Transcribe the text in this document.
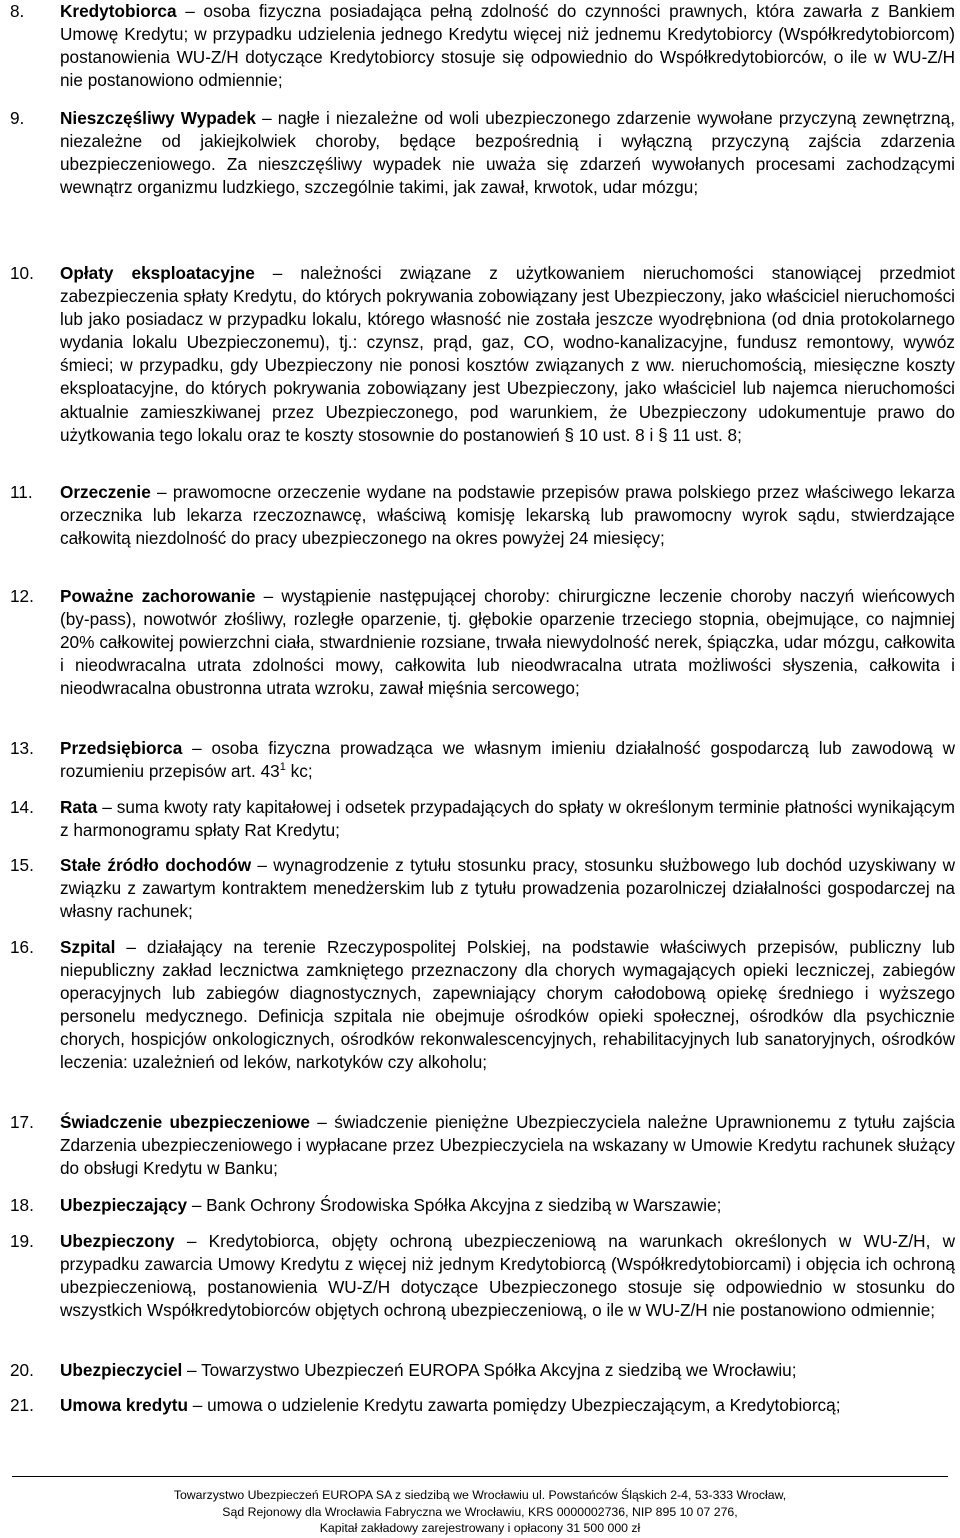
8. Kredytobiorca – osoba fizyczna posiadająca pełną zdolność do czynności prawnych, która zawarła z Bankiem Umowę Kredytu; w przypadku udzielenia jednego Kredytu więcej niż jednemu Kredytobiorcy (Współkredytobiorcom) postanowienia WU-Z/H dotyczące Kredytobiorcy stosuje się odpowiednio do Współkredytobiorców, o ile w WU-Z/H nie postanowiono odmiennie;
9. Nieszczęśliwy Wypadek – nagłe i niezależne od woli ubezpieczonego zdarzenie wywołane przyczyną zewnętrzną, niezależne od jakiejkolwiek choroby, będące bezpośrednią i wyłączną przyczyną zajścia zdarzenia ubezpieczeniowego. Za nieszczęśliwy wypadek nie uważa się zdarzeń wywołanych procesami zachodzącymi wewnątrz organizmu ludzkiego, szczególnie takimi, jak zawał, krwotok, udar mózgu;
10. Opłaty eksploatacyjne – należności związane z użytkowaniem nieruchomości stanowiącej przedmiot zabezpieczenia spłaty Kredytu, do których pokrywania zobowiązany jest Ubezpieczony, jako właściciel nieruchomości lub jako posiadacz w przypadku lokalu, którego własność nie została jeszcze wyodrębniona (od dnia protokolarnego wydania lokalu Ubezpieczonemu), tj.: czynsz, prąd, gaz, CO, wodno-kanalizacyjne, fundusz remontowy, wywóz śmieci; w przypadku, gdy Ubezpieczony nie ponosi kosztów związanych z ww. nieruchomością, miesięczne koszty eksploatacyjne, do których pokrywania zobowiązany jest Ubezpieczony, jako właściciel lub najemca nieruchomości aktualnie zamieszkiwanej przez Ubezpieczonego, pod warunkiem, że Ubezpieczony udokumentuje prawo do użytkowania tego lokalu oraz te koszty stosownie do postanowień § 10 ust. 8 i § 11 ust. 8;
11. Orzeczenie – prawomocne orzeczenie wydane na podstawie przepisów prawa polskiego przez właściwego lekarza orzecznika lub lekarza rzeczoznawcę, właściwą komisję lekarską lub prawomocny wyrok sądu, stwierdzające całkowitą niezdolność do pracy ubezpieczonego na okres powyżej 24 miesięcy;
12. Poważne zachorowanie – wystąpienie następującej choroby: chirurgiczne leczenie choroby naczyń wieńcowych (by-pass), nowotwór złośliwy, rozległe oparzenie, tj. głębokie oparzenie trzeciego stopnia, obejmujące, co najmniej 20% całkowitej powierzchni ciała, stwardnienie rozsiane, trwała niewydolność nerek, śpiączka, udar mózgu, całkowita i nieodwracalna utrata zdolności mowy, całkowita lub nieodwracalna utrata możliwości słyszenia, całkowita i nieodwracalna obustronna utrata wzroku, zawał mięśnia sercowego;
13. Przedsiębiorca – osoba fizyczna prowadząca we własnym imieniu działalność gospodarczą lub zawodową w rozumieniu przepisów art. $43^1$ kc;
14. Rata – suma kwoty raty kapitałowej i odsetek przypadających do spłaty w określonym terminie płatności wynikającym z harmonogramu spłaty Rat Kredytu;
15. Stałe źródło dochodów – wynagrodzenie z tytułu stosunku pracy, stosunku służbowego lub dochód uzyskiwany w związku z zawartym kontraktem menedżerskim lub z tytułu prowadzenia pozarolniczej działalności gospodarczej na własny rachunek;
16. Szpital – działający na terenie Rzeczypospolitej Polskiej, na podstawie właściwych przepisów, publiczny lub niepubliczny zakład lecznictwa zamkniętego przeznaczony dla chorych wymagających opieki leczniczej, zabiegów operacyjnych lub zabiegów diagnostycznych, zapewniający chorym całodobową opiekę średniego i wyższego personelu medycznego. Definicja szpitala nie obejmuje ośrodków opieki społecznej, ośrodków dla psychicznie chorych, hospicjów onkologicznych, ośrodków rekonwalescencyjnych, rehabilitacyjnych lub sanatoryjnych, ośrodków leczenia: uzależnień od leków, narkotyków czy alkoholu;
17. Świadczenie ubezpieczeniowe – świadczenie pieniężne Ubezpieczyciela należne Uprawnionemu z tytułu zajścia Zdarzenia ubezpieczeniowego i wypłacane przez Ubezpieczyciela na wskazany w Umowie Kredytu rachunek służący do obsługi Kredytu w Banku;
18. Ubezpieczający – Bank Ochrony Środowiska Spółka Akcyjna z siedzibą w Warszawie;
19. Ubezpieczony – Kredytobiorca, objęty ochroną ubezpieczeniową na warunkach określonych w WU-Z/H, w przypadku zawarcia Umowy Kredytu z więcej niż jednym Kredytobiorcą (Współkredytobiorcami) i objęcia ich ochroną ubezpieczeniową, postanowienia WU-Z/H dotyczące Ubezpieczonego stosuje się odpowiednio w stosunku do wszystkich Współkredytobiorców objętych ochroną ubezpieczeniową, o ile w WU-Z/H nie postanowiono odmiennie;
20. Ubezpieczyciel – Towarzystwo Ubezpieczeń EUROPA Spółka Akcyjna z siedzibą we Wrocławiu;
21. Umowa kredytu – umowa o udzielenie Kredytu zawarta pomiędzy Ubezpieczającym, a Kredytobiorcą;
Towarzystwo Ubezpieczeń EUROPA SA z siedzibą we Wrocławiu ul. Powstańców Śląskich 2-4, 53-333 Wrocław,
Sąd Rejonowy dla Wrocławia Fabryczna we Wrocławiu, KRS 0000002736, NIP 895 10 07 276,
Kapitał zakładowy zarejestrowany i opłacony 31 500 000 zł
